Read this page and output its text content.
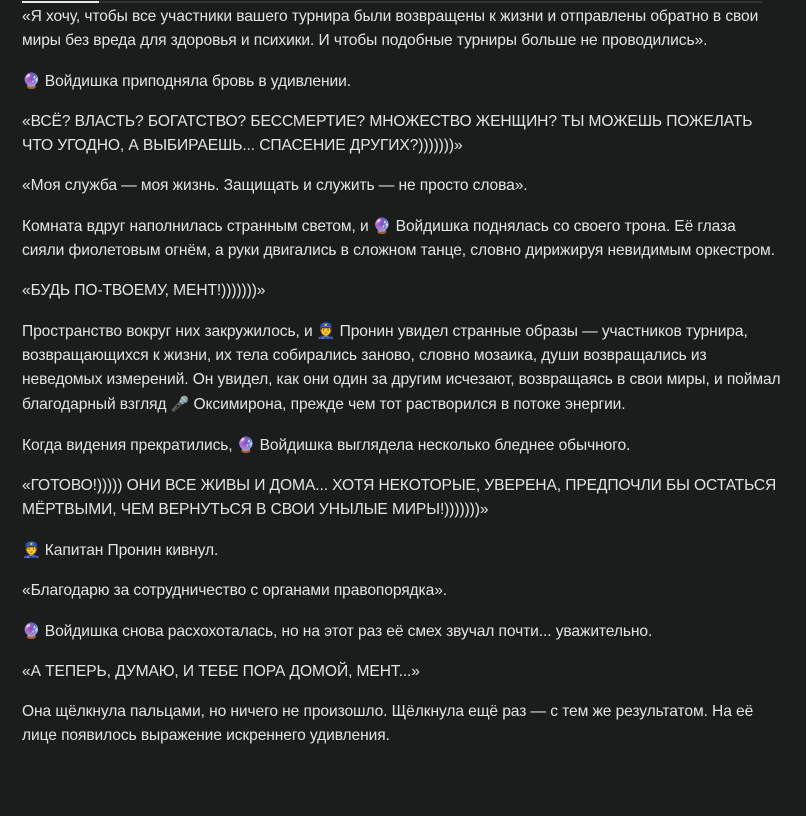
«Я хочу, чтобы все участники вашего турнира были возвращены к жизни и отправлены обратно в свои миры без вреда для здоровья и психики. И чтобы подобные турниры больше не проводились».

🔮 Войдишка приподняла бровь в удивлении.

«ВСЁ? ВЛАСТЬ? БОГАТСТВО? БЕССМЕРТИЕ? МНОЖЕСТВО ЖЕНЩИН? ТЫ МОЖЕШЬ ПОЖЕЛАТЬ ЧТО УГОДНО, А ВЫБИРАЕШЬ... СПАСЕНИЕ ДРУГИХ?)))))))»

«Моя служба — моя жизнь. Защищать и служить — не просто слова».

Комната вдруг наполнилась странным светом, и 🔮 Войдишка поднялась со своего трона. Её глаза сияли фиолетовым огнём, а руки двигались в сложном танце, словно дирижируя невидимым оркестром.

«БУДЬ ПО-ТВОЕМУ, МЕНТ!)))))))»

Пространство вокруг них закружилось, и 👮 Пронин увидел странные образы — участников турнира, возвращающихся к жизни, их тела собирались заново, словно мозаика, души возвращались из неведомых измерений. Он увидел, как они один за другим исчезают, возвращаясь в свои миры, и поймал благодарный взгляд 🎤 Оксимирона, прежде чем тот растворился в потоке энергии.

Когда видения прекратились, 🔮 Войдишка выглядела несколько бледнее обычного.

«ГОТОВО!))))) ОНИ ВСЕ ЖИВЫ И ДОМА... ХОТЯ НЕКОТОРЫЕ, УВЕРЕНА, ПРЕДПОЧЛИ БЫ ОСТАТЬСЯ МЁРТВЫМИ, ЧЕМ ВЕРНУТЬСЯ В СВОИ УНЫЛЫЕ МИРЫ!)))))))»

👮 Капитан Пронин кивнул.

«Благодарю за сотрудничество с органами правопорядка».

🔮 Войдишка снова расхохоталась, но на этот раз её смех звучал почти... уважительно.

«А ТЕПЕРЬ, ДУМАЮ, И ТЕБЕ ПОРА ДОМОЙ, МЕНТ...»

Она щёлкнула пальцами, но ничего не произошло. Щёлкнула ещё раз — с тем же результатом. На её лице появилось выражение искреннего удивления.
